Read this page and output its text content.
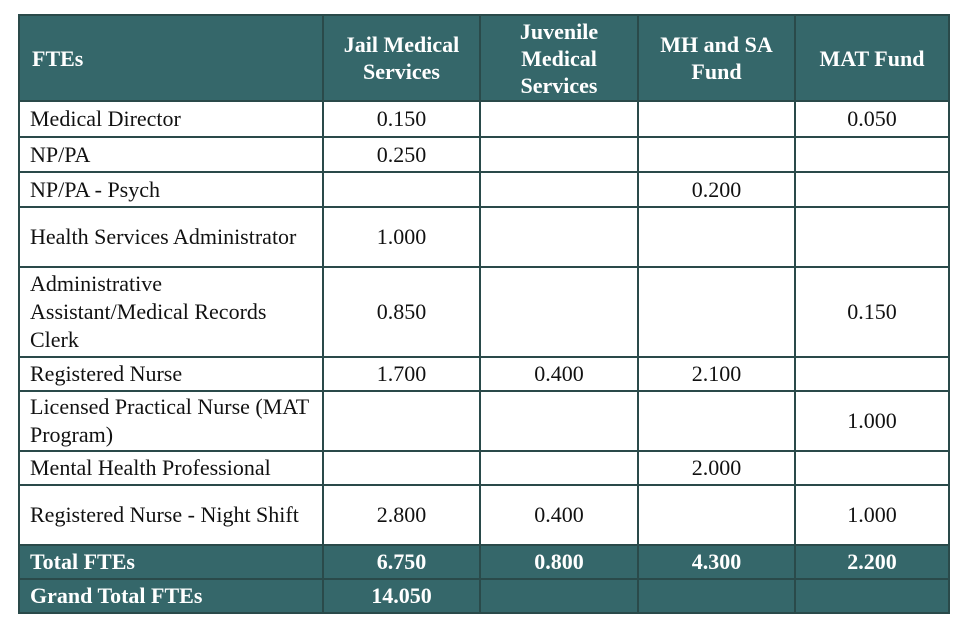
FTEs	Jail Medical Services	Juvenile Medical Services	MH and SA Fund	MAT Fund
Medical Director	0.150			0.050
NP/PA	0.250			
NP/PA - Psych			0.200	
Health Services Administrator	1.000			
Administrative Assistant/Medical Records Clerk	0.850			0.150
Registered Nurse	1.700	0.400	2.100	
Licensed Practical Nurse (MAT Program)				1.000
Mental Health Professional			2.000	
Registered Nurse - Night Shift	2.800	0.400		1.000
Total FTEs	6.750	0.800	4.300	2.200
Grand Total FTEs	14.050			
